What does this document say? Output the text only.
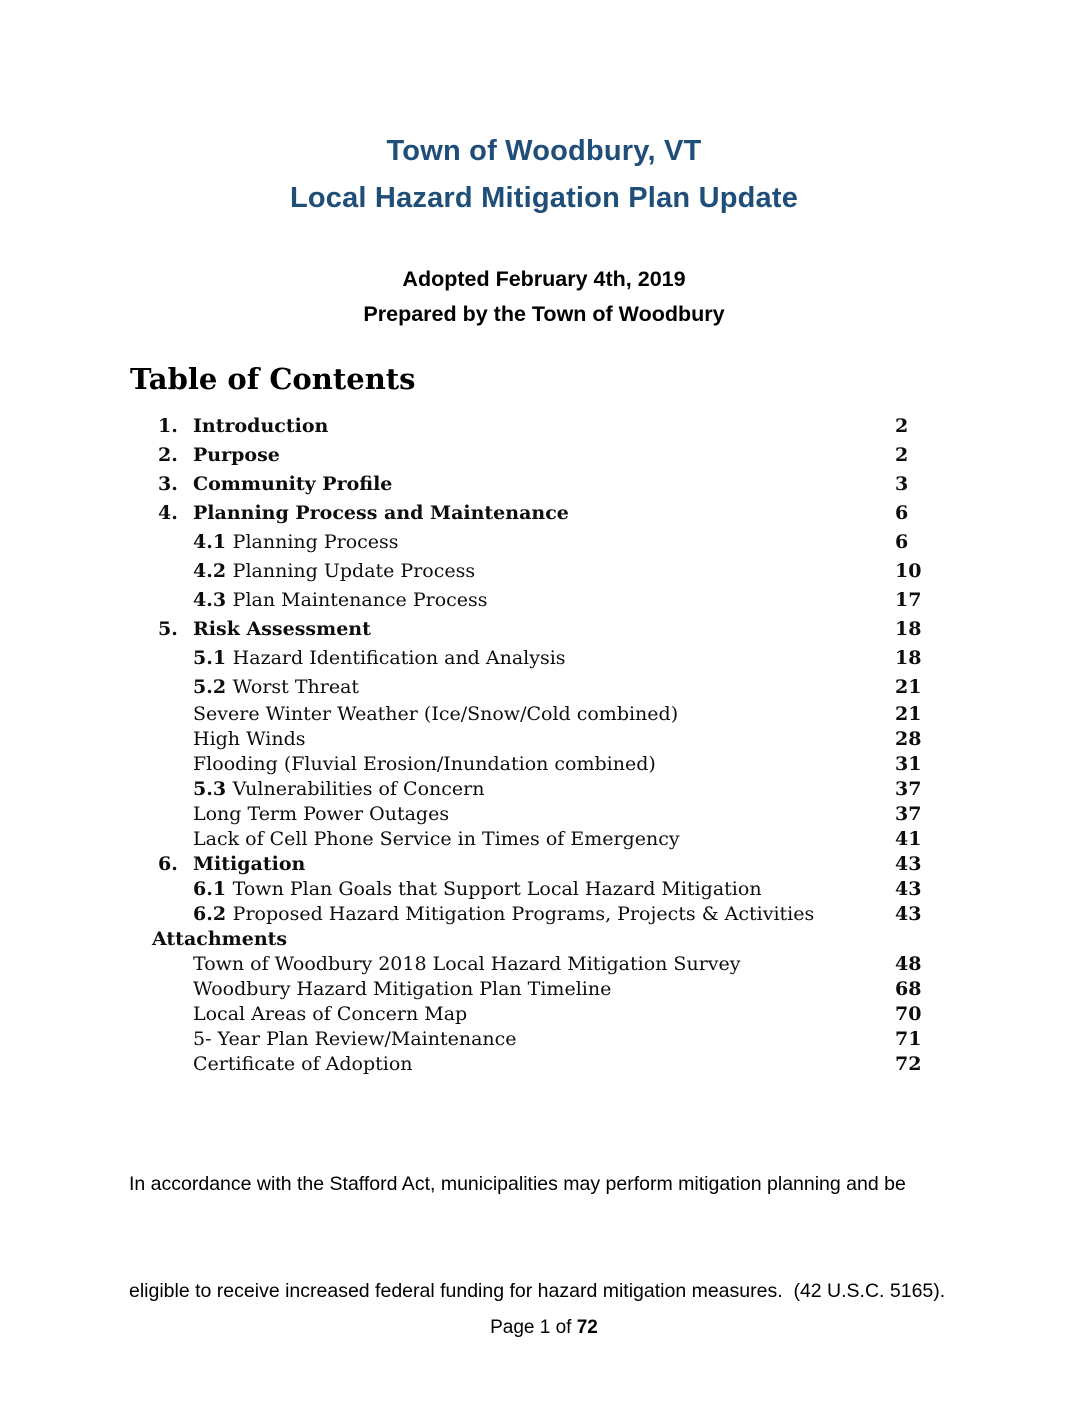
Town of Woodbury, VT
Local Hazard Mitigation Plan Update
Adopted February 4th, 2019
Prepared by the Town of Woodbury
Table of Contents
1. Introduction	2
2. Purpose	2
3. Community Profile	3
4. Planning Process and Maintenance	6
4.1 Planning Process	6
4.2 Planning Update Process	10
4.3 Plan Maintenance Process	17
5. Risk Assessment	18
5.1 Hazard Identification and Analysis	18
5.2 Worst Threat	21
Severe Winter Weather (Ice/Snow/Cold combined)	21
High Winds	28
Flooding (Fluvial Erosion/Inundation combined)	31
5.3 Vulnerabilities of Concern	37
Long Term Power Outages	37
Lack of Cell Phone Service in Times of Emergency	41
6. Mitigation	43
6.1 Town Plan Goals that Support Local Hazard Mitigation	43
6.2 Proposed Hazard Mitigation Programs, Projects & Activities	43
Attachments
Town of Woodbury 2018 Local Hazard Mitigation Survey	48
Woodbury Hazard Mitigation Plan Timeline	68
Local Areas of Concern Map	70
5- Year Plan Review/Maintenance	71
Certificate of Adoption	72

In accordance with the Stafford Act, municipalities may perform mitigation planning and be

eligible to receive increased federal funding for hazard mitigation measures.  (42 U.S.C. 5165).

Page 1 of 72
